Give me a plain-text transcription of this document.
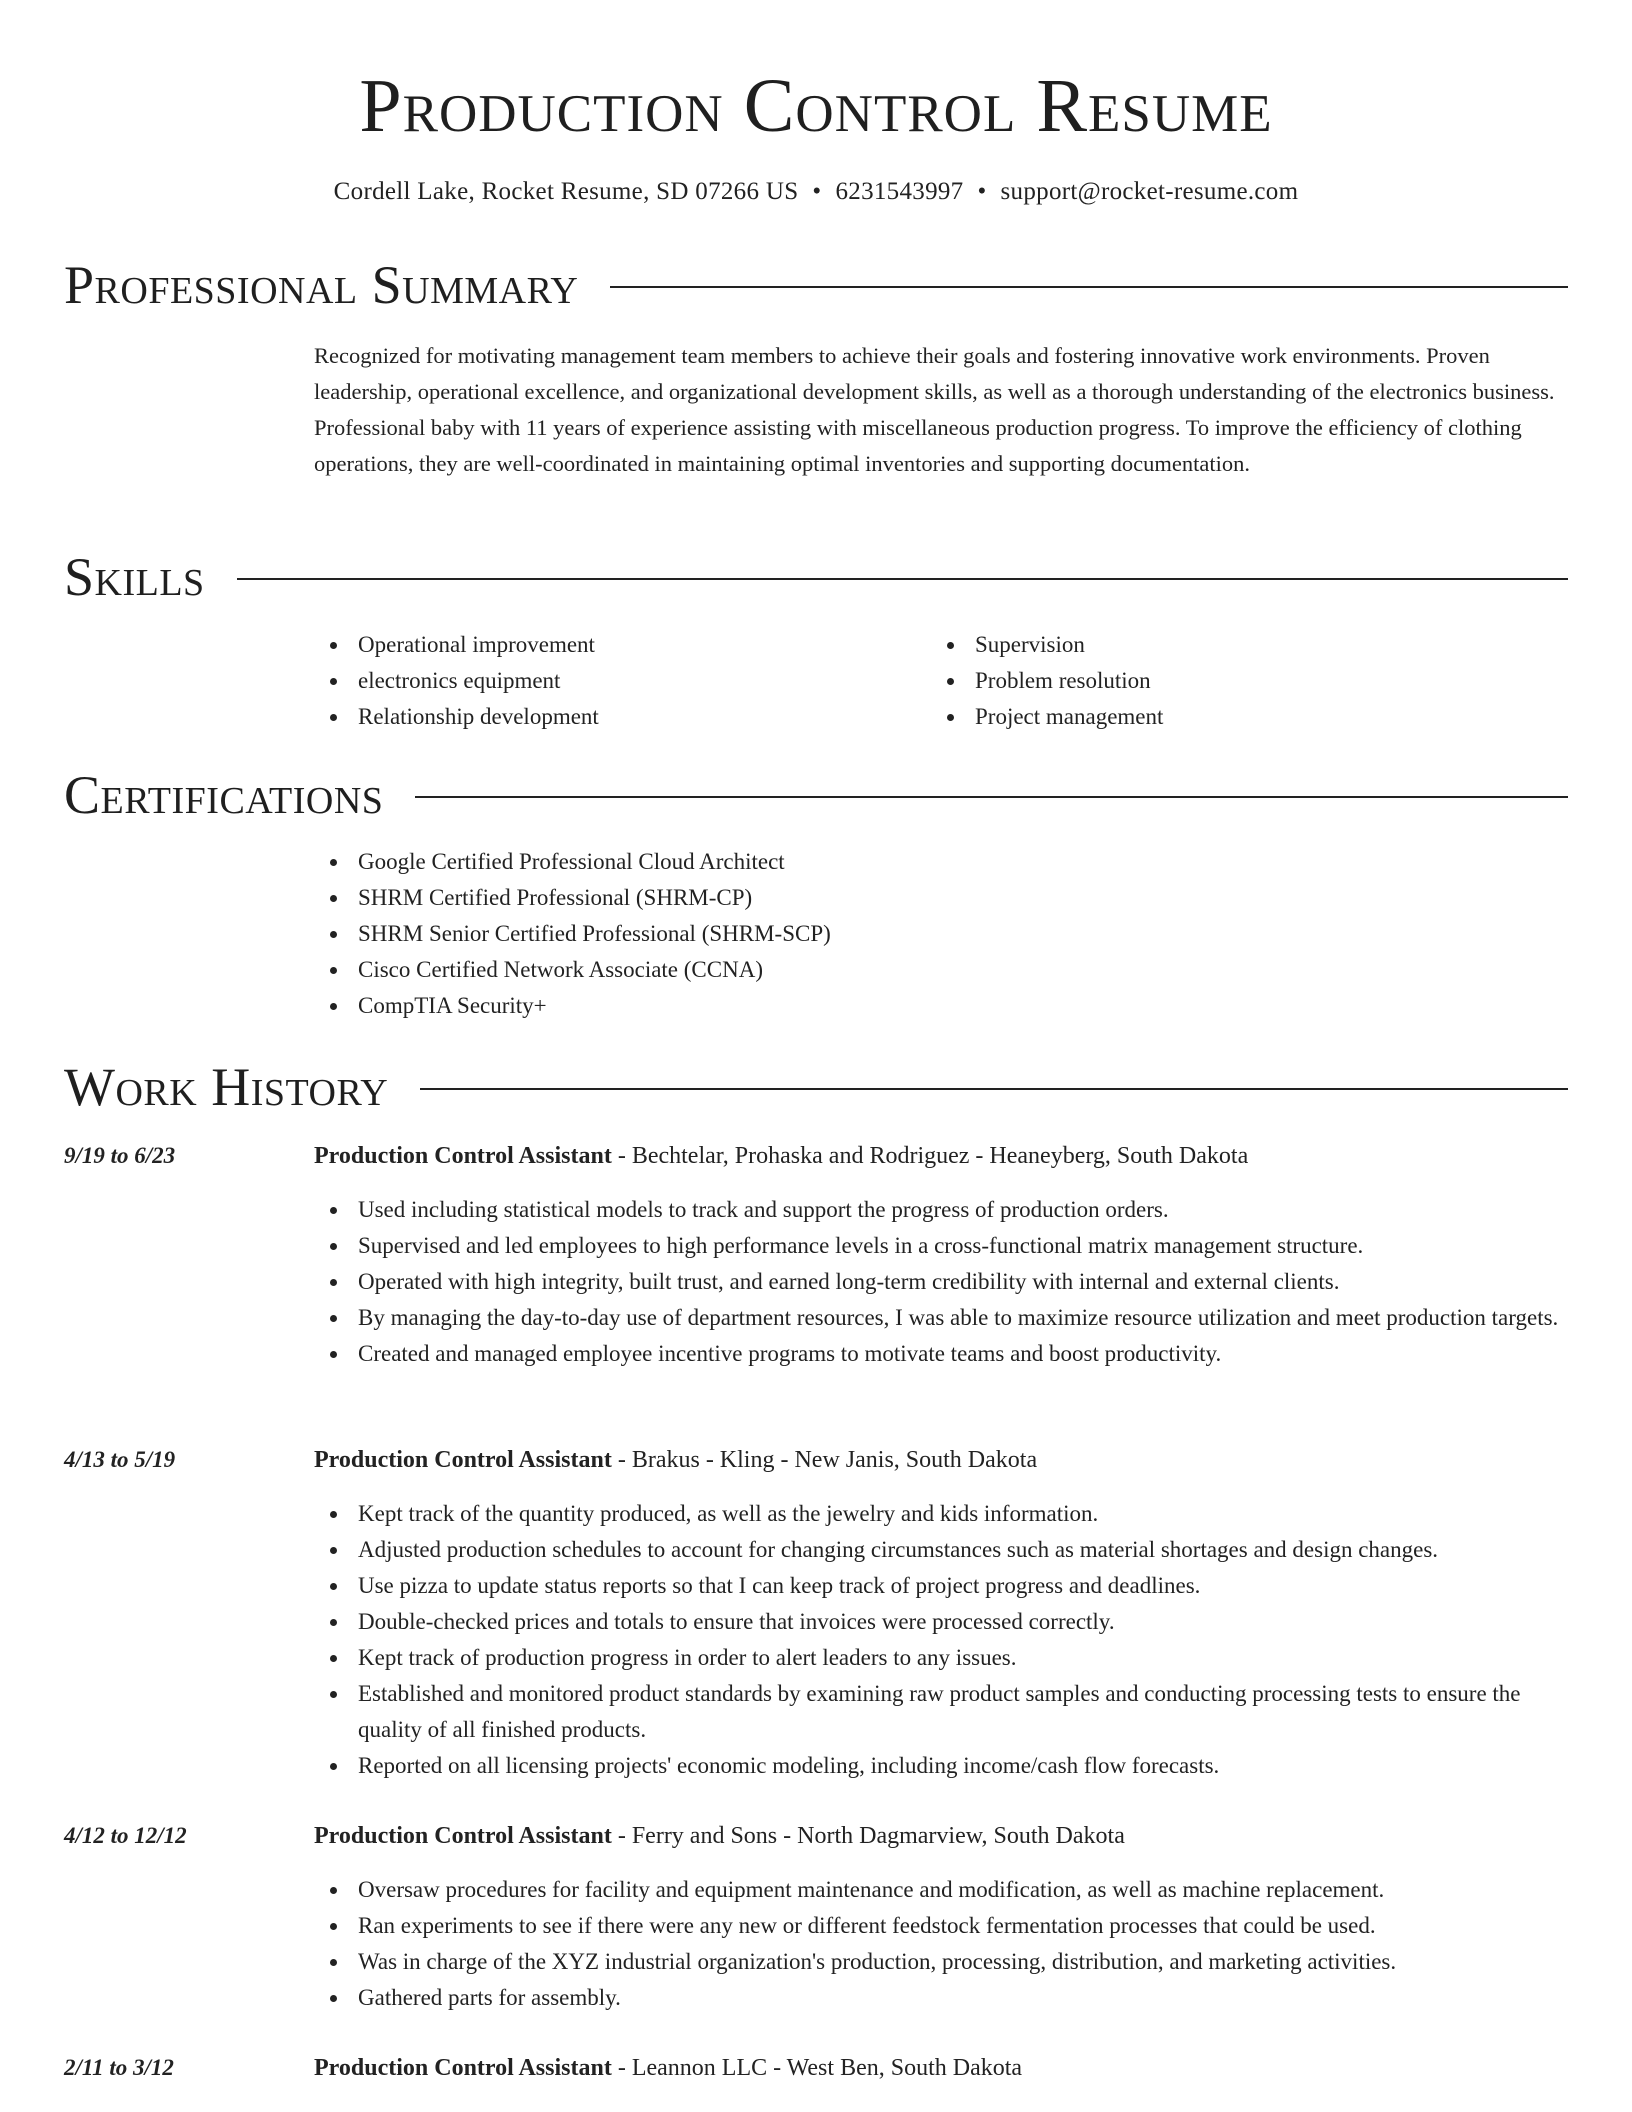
Production Control Resume
Cordell Lake, Rocket Resume, SD 07266 US • 6231543997 • support@rocket-resume.com
Professional Summary
Recognized for motivating management team members to achieve their goals and fostering innovative work environments. Proven leadership, operational excellence, and organizational development skills, as well as a thorough understanding of the electronics business. Professional baby with 11 years of experience assisting with miscellaneous production progress. To improve the efficiency of clothing operations, they are well-coordinated in maintaining optimal inventories and supporting documentation.
Skills
Operational improvement
electronics equipment
Relationship development
Supervision
Problem resolution
Project management
Certifications
Google Certified Professional Cloud Architect
SHRM Certified Professional (SHRM-CP)
SHRM Senior Certified Professional (SHRM-SCP)
Cisco Certified Network Associate (CCNA)
CompTIA Security+
Work History
9/19 to 6/23	Production Control Assistant - Bechtelar, Prohaska and Rodriguez - Heaneyberg, South Dakota
Used including statistical models to track and support the progress of production orders.
Supervised and led employees to high performance levels in a cross-functional matrix management structure.
Operated with high integrity, built trust, and earned long-term credibility with internal and external clients.
By managing the day-to-day use of department resources, I was able to maximize resource utilization and meet production targets.
Created and managed employee incentive programs to motivate teams and boost productivity.
4/13 to 5/19	Production Control Assistant - Brakus - Kling - New Janis, South Dakota
Kept track of the quantity produced, as well as the jewelry and kids information.
Adjusted production schedules to account for changing circumstances such as material shortages and design changes.
Use pizza to update status reports so that I can keep track of project progress and deadlines.
Double-checked prices and totals to ensure that invoices were processed correctly.
Kept track of production progress in order to alert leaders to any issues.
Established and monitored product standards by examining raw product samples and conducting processing tests to ensure the quality of all finished products.
Reported on all licensing projects' economic modeling, including income/cash flow forecasts.
4/12 to 12/12	Production Control Assistant - Ferry and Sons - North Dagmarview, South Dakota
Oversaw procedures for facility and equipment maintenance and modification, as well as machine replacement.
Ran experiments to see if there were any new or different feedstock fermentation processes that could be used.
Was in charge of the XYZ industrial organization's production, processing, distribution, and marketing activities.
Gathered parts for assembly.
2/11 to 3/12	Production Control Assistant - Leannon LLC - West Ben, South Dakota
